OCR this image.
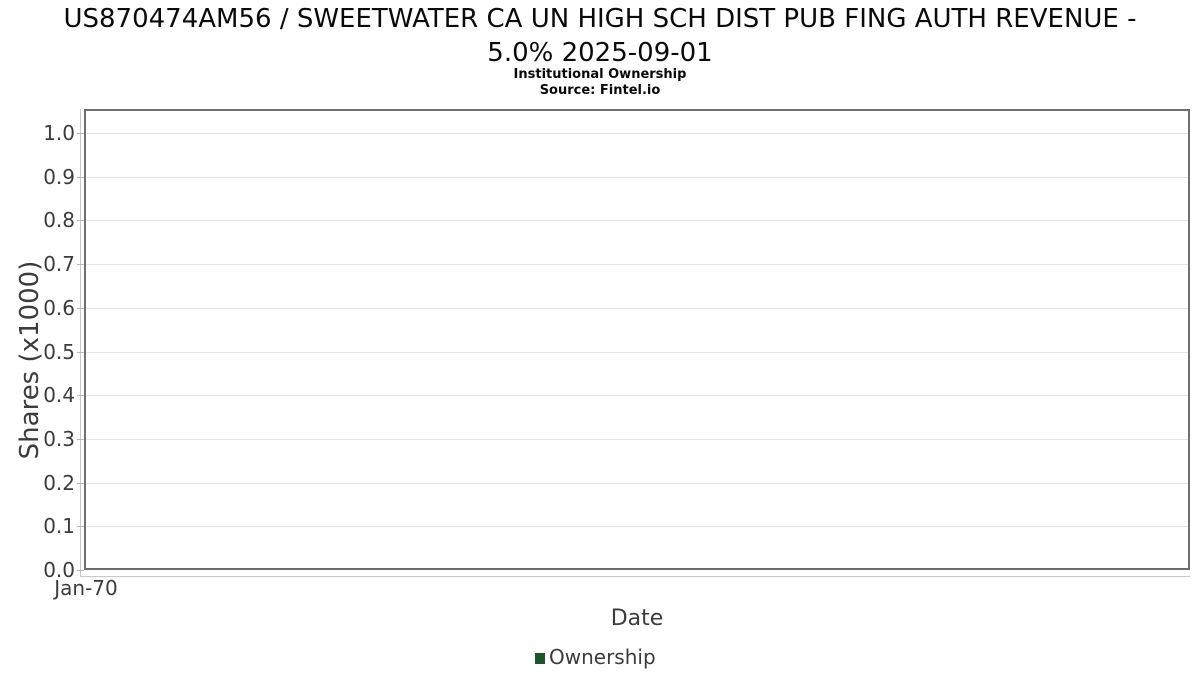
US870474AM56 / SWEETWATER CA UN HIGH SCH DIST PUB FING AUTH REVENUE -
5.0% 2025-09-01
Institutional Ownership
Source: Fintel.io
Shares (x1000)
0.0
0.1
0.2
0.3
0.4
0.5
0.6
0.7
0.8
0.9
1.0
Jan-70
Date
Ownership
